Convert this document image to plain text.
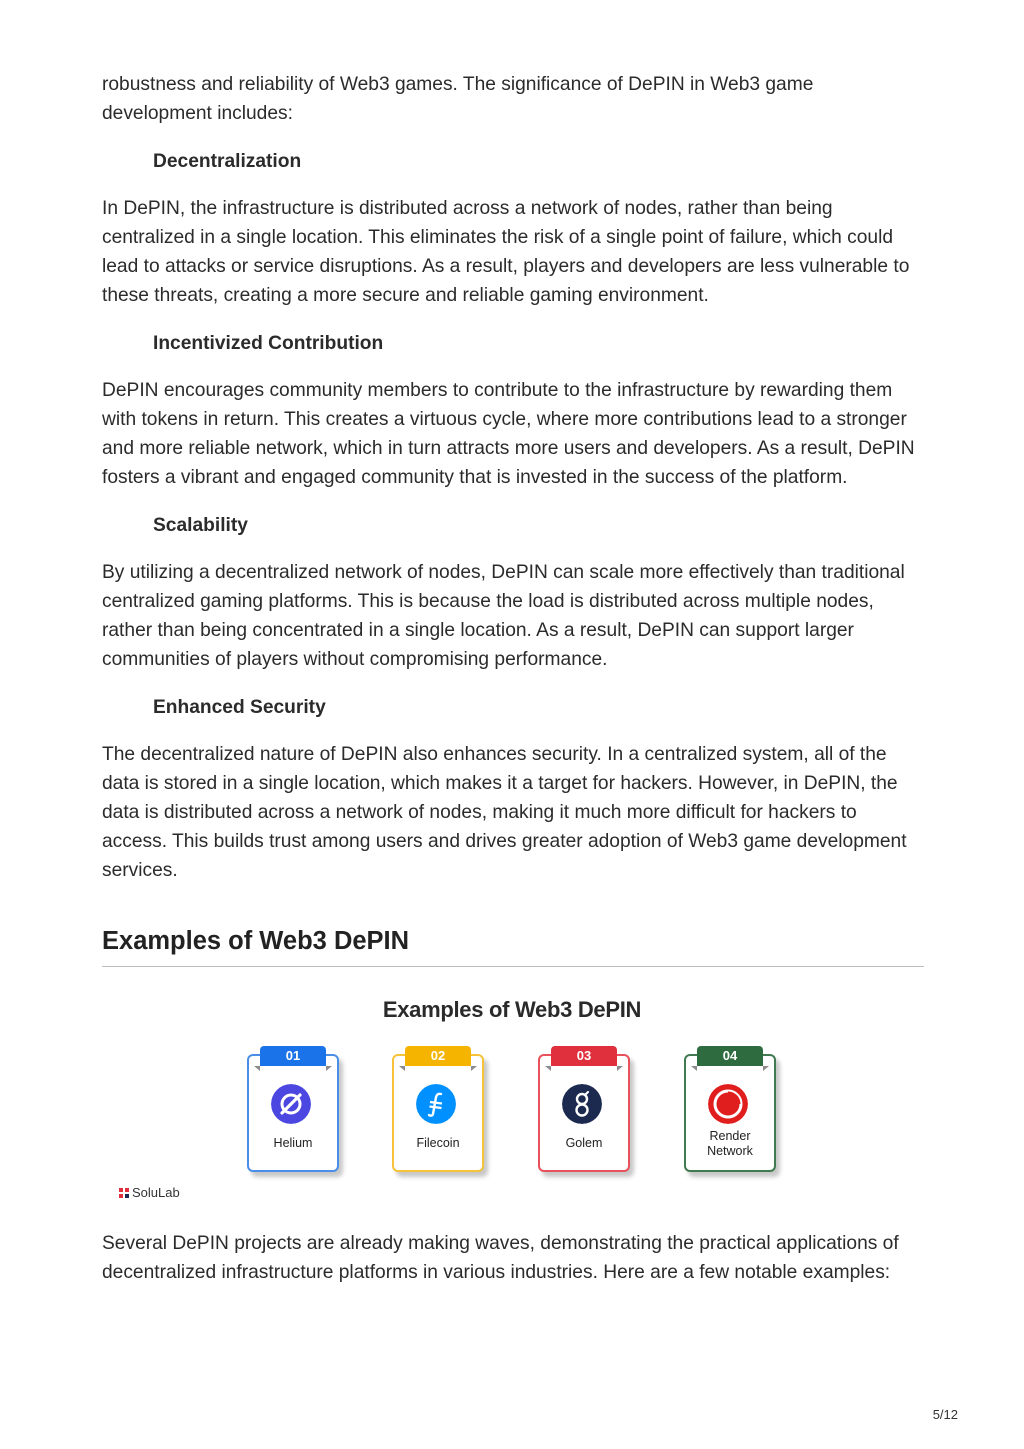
robustness and reliability of Web3 games. The significance of DePIN in Web3 game development includes:

Decentralization

In DePIN, the infrastructure is distributed across a network of nodes, rather than being centralized in a single location. This eliminates the risk of a single point of failure, which could lead to attacks or service disruptions. As a result, players and developers are less vulnerable to these threats, creating a more secure and reliable gaming environment.

Incentivized Contribution

DePIN encourages community members to contribute to the infrastructure by rewarding them with tokens in return. This creates a virtuous cycle, where more contributions lead to a stronger and more reliable network, which in turn attracts more users and developers. As a result, DePIN fosters a vibrant and engaged community that is invested in the success of the platform.

Scalability

By utilizing a decentralized network of nodes, DePIN can scale more effectively than traditional centralized gaming platforms. This is because the load is distributed across multiple nodes, rather than being concentrated in a single location. As a result, DePIN can support larger communities of players without compromising performance.

Enhanced Security

The decentralized nature of DePIN also enhances security. In a centralized system, all of the data is stored in a single location, which makes it a target for hackers. However, in DePIN, the data is distributed across a network of nodes, making it much more difficult for hackers to access. This builds trust among users and drives greater adoption of Web3 game development services.

Examples of Web3 DePIN
Examples of Web3 DePIN
01
Helium
02
Filecoin
03
Golem
04
Render
Network
SoluLab

Several DePIN projects are already making waves, demonstrating the practical applications of decentralized infrastructure platforms in various industries. Here are a few notable examples:

5/12
